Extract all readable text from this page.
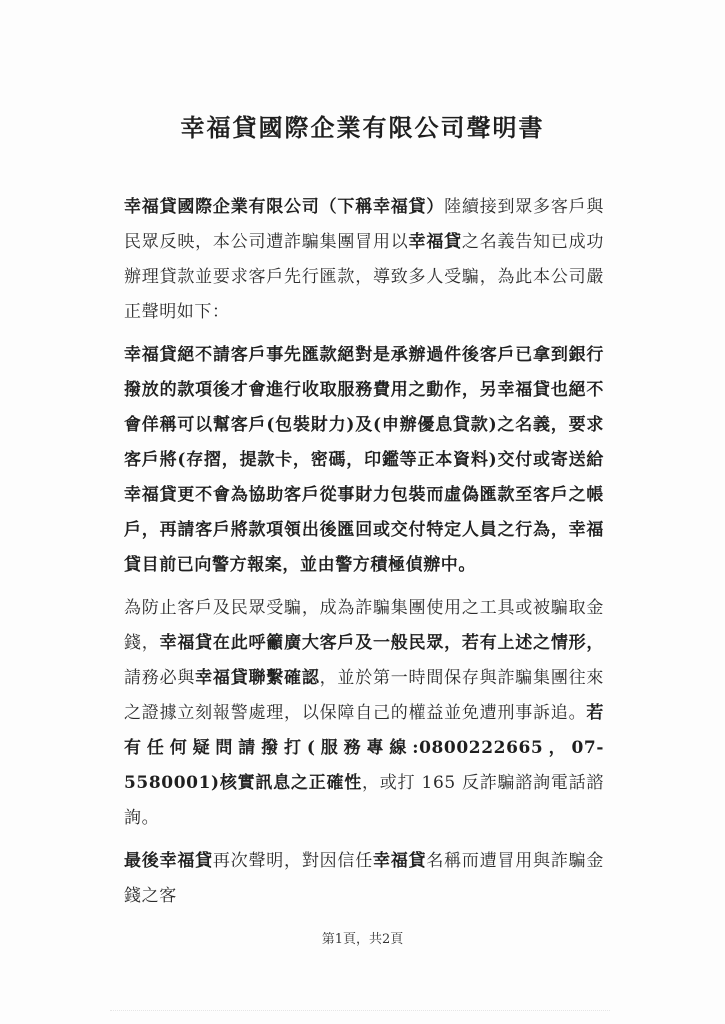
幸福貸國際企業有限公司聲明書

幸福貸國際企業有限公司（下稱幸福貸）陸續接到眾多客戶與民眾反映，本公司遭詐騙集團冒用以幸福貸之名義告知已成功辦理貸款並要求客戶先行匯款，導致多人受騙，為此本公司嚴正聲明如下：

幸福貸絕不請客戶事先匯款絕對是承辦過件後客戶已拿到銀行撥放的款項後才會進行收取服務費用之動作，另幸福貸也絕不會佯稱可以幫客戶(包裝財力)及(申辦優息貸款)之名義，要求客戶將(存摺，提款卡，密碼，印鑑等正本資料)交付或寄送給幸福貸更不會為協助客戶從事財力包裝而虛偽匯款至客戶之帳戶，再請客戶將款項領出後匯回或交付特定人員之行為，幸福貸目前已向警方報案，並由警方積極偵辦中。

為防止客戶及民眾受騙，成為詐騙集團使用之工具或被騙取金錢，幸福貸在此呼籲廣大客戶及一般民眾，若有上述之情形，請務必與幸福貸聯繫確認，並於第一時間保存與詐騙集團往來之證據立刻報警處理，以保障自己的權益並免遭刑事訴追。若有任何疑問請撥打(服務專線:0800222665，07-5580001)核實訊息之正確性，或打 165 反詐騙諮詢電話諮詢。

最後幸福貸再次聲明，對因信任幸福貸名稱而遭冒用與詐騙金錢之客

第1頁，共2頁
